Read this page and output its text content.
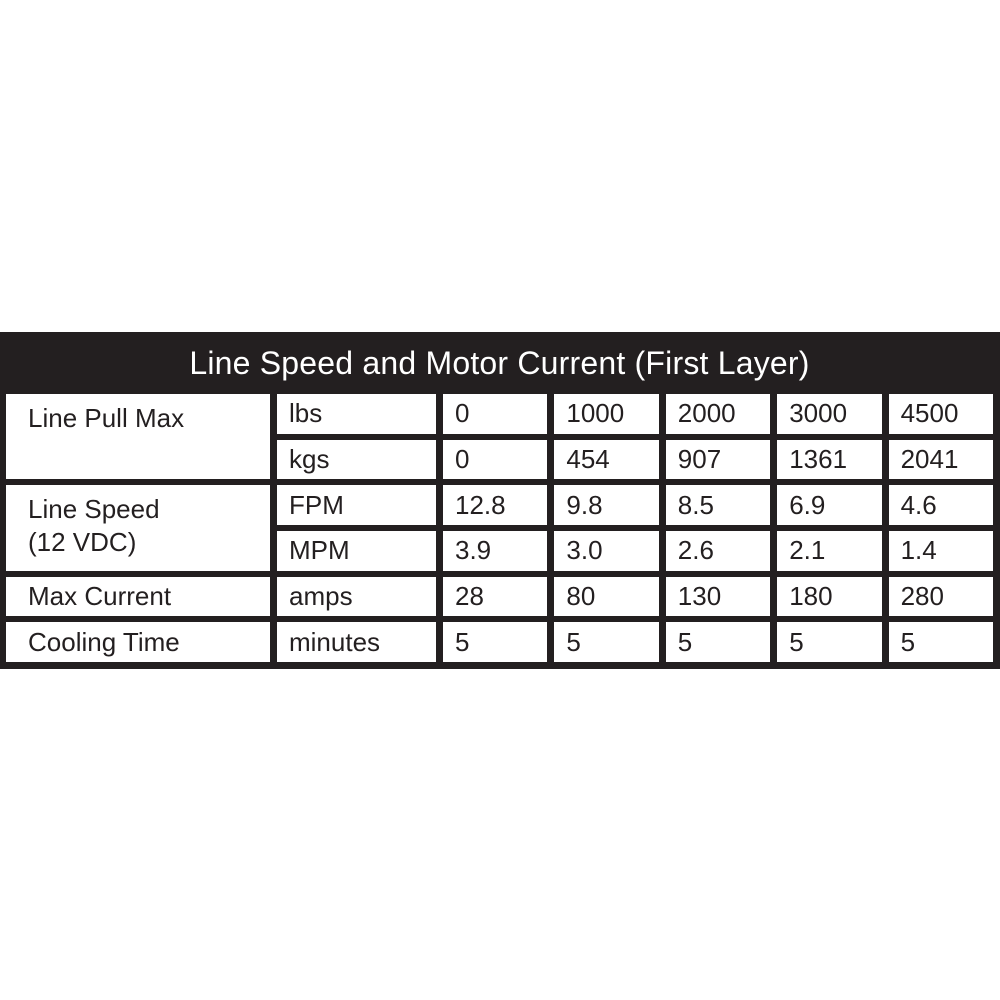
Line Speed and Motor Current (First Layer)
Line Pull Max	lbs	0	1000	2000	3000	4500
kgs	0	454	907	1361	2041
Line Speed
(12 VDC)
FPM	12.8	9.8	8.5	6.9	4.6
MPM	3.9	3.0	2.6	2.1	1.4
Max Current	amps	28	80	130	180	280
Cooling Time	minutes	5	5	5	5	5
